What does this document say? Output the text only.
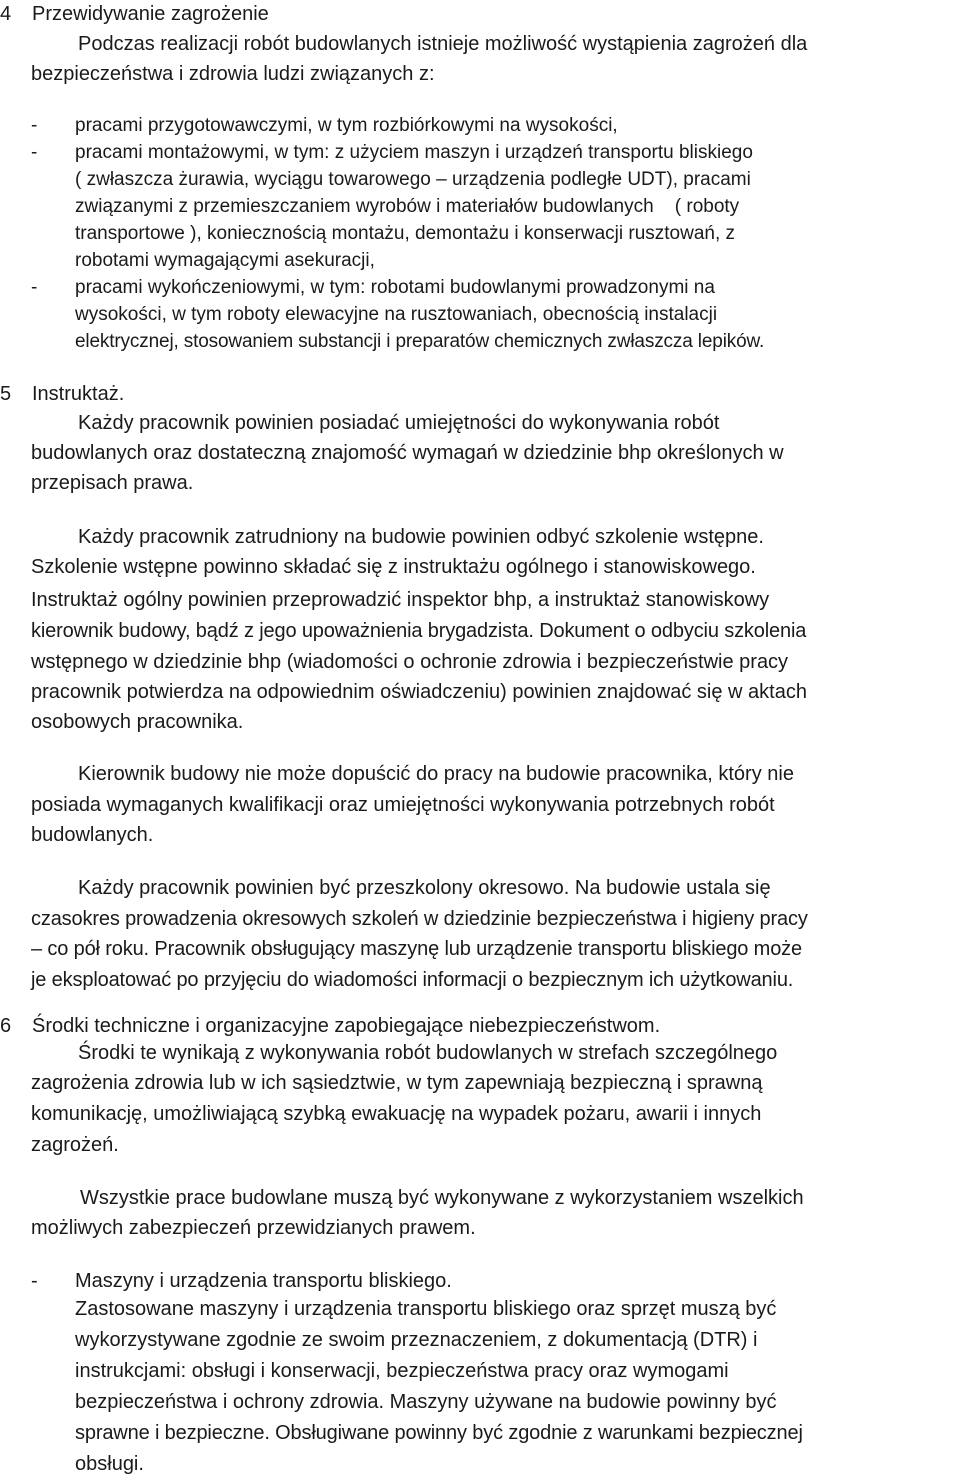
4 Przewidywanie zagrożenie
Podczas realizacji robót budowlanych istnieje możliwość wystąpienia zagrożeń dla
bezpieczeństwa i zdrowia ludzi związanych z:
- pracami przygotowawczymi, w tym rozbiórkowymi na wysokości,
- pracami montażowymi, w tym: z użyciem maszyn i urządzeń transportu bliskiego
( zwłaszcza żurawia, wyciągu towarowego – urządzenia podległe UDT), pracami
związanymi z przemieszczaniem wyrobów i materiałów budowlanych    ( roboty
transportowe ), koniecznością montażu, demontażu i konserwacji rusztowań, z
robotami wymagającymi asekuracji,
- pracami wykończeniowymi, w tym: robotami budowlanymi prowadzonymi na
wysokości, w tym roboty elewacyjne na rusztowaniach, obecnością instalacji
elektrycznej, stosowaniem substancji i preparatów chemicznych zwłaszcza lepików.
5 Instruktaż.
Każdy pracownik powinien posiadać umiejętności do wykonywania robót
budowlanych oraz dostateczną znajomość wymagań w dziedzinie bhp określonych w
przepisach prawa.
Każdy pracownik zatrudniony na budowie powinien odbyć szkolenie wstępne.
Szkolenie wstępne powinno składać się z instruktażu ogólnego i stanowiskowego.
Instruktaż ogólny powinien przeprowadzić inspektor bhp, a instruktaż stanowiskowy
kierownik budowy, bądź z jego upoważnienia brygadzista. Dokument o odbyciu szkolenia
wstępnego w dziedzinie bhp (wiadomości o ochronie zdrowia i bezpieczeństwie pracy
pracownik potwierdza na odpowiednim oświadczeniu) powinien znajdować się w aktach
osobowych pracownika.
Kierownik budowy nie może dopuścić do pracy na budowie pracownika, który nie
posiada wymaganych kwalifikacji oraz umiejętności wykonywania potrzebnych robót
budowlanych.
Każdy pracownik powinien być przeszkolony okresowo. Na budowie ustala się
czasokres prowadzenia okresowych szkoleń w dziedzinie bezpieczeństwa i higieny pracy
– co pół roku. Pracownik obsługujący maszynę lub urządzenie transportu bliskiego może
je eksploatować po przyjęciu do wiadomości informacji o bezpiecznym ich użytkowaniu.
6 Środki techniczne i organizacyjne zapobiegające niebezpieczeństwom.
Środki te wynikają z wykonywania robót budowlanych w strefach szczególnego
zagrożenia zdrowia lub w ich sąsiedztwie, w tym zapewniają bezpieczną i sprawną
komunikację, umożliwiającą szybką ewakuację na wypadek pożaru, awarii i innych
zagrożeń.
Wszystkie prace budowlane muszą być wykonywane z wykorzystaniem wszelkich
możliwych zabezpieczeń przewidzianych prawem.
- Maszyny i urządzenia transportu bliskiego.
Zastosowane maszyny i urządzenia transportu bliskiego oraz sprzęt muszą być
wykorzystywane zgodnie ze swoim przeznaczeniem, z dokumentacją (DTR) i
instrukcjami: obsługi i konserwacji, bezpieczeństwa pracy oraz wymogami
bezpieczeństwa i ochrony zdrowia. Maszyny używane na budowie powinny być
sprawne i bezpieczne. Obsługiwane powinny być zgodnie z warunkami bezpiecznej
obsługi.
